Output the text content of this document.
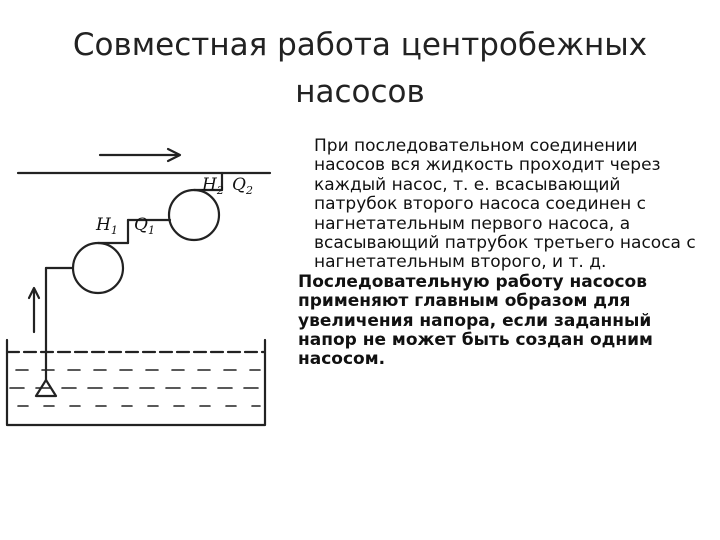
Совместная работа центробежных
насосов
$H_1$ $Q_1$
$H_2$ $Q_2$

При последовательном соединении насосов вся жидкость проходит через каждый насос, т. е. всасывающий патрубок второго насоса соединен с нагнетательным первого насоса, а всасывающий патрубок третьего насоса с нагнетательным второго, и т. д.

Последовательную работу насосов применяют главным образом для увеличения напора, если заданный напор не может быть создан одним насосом.
